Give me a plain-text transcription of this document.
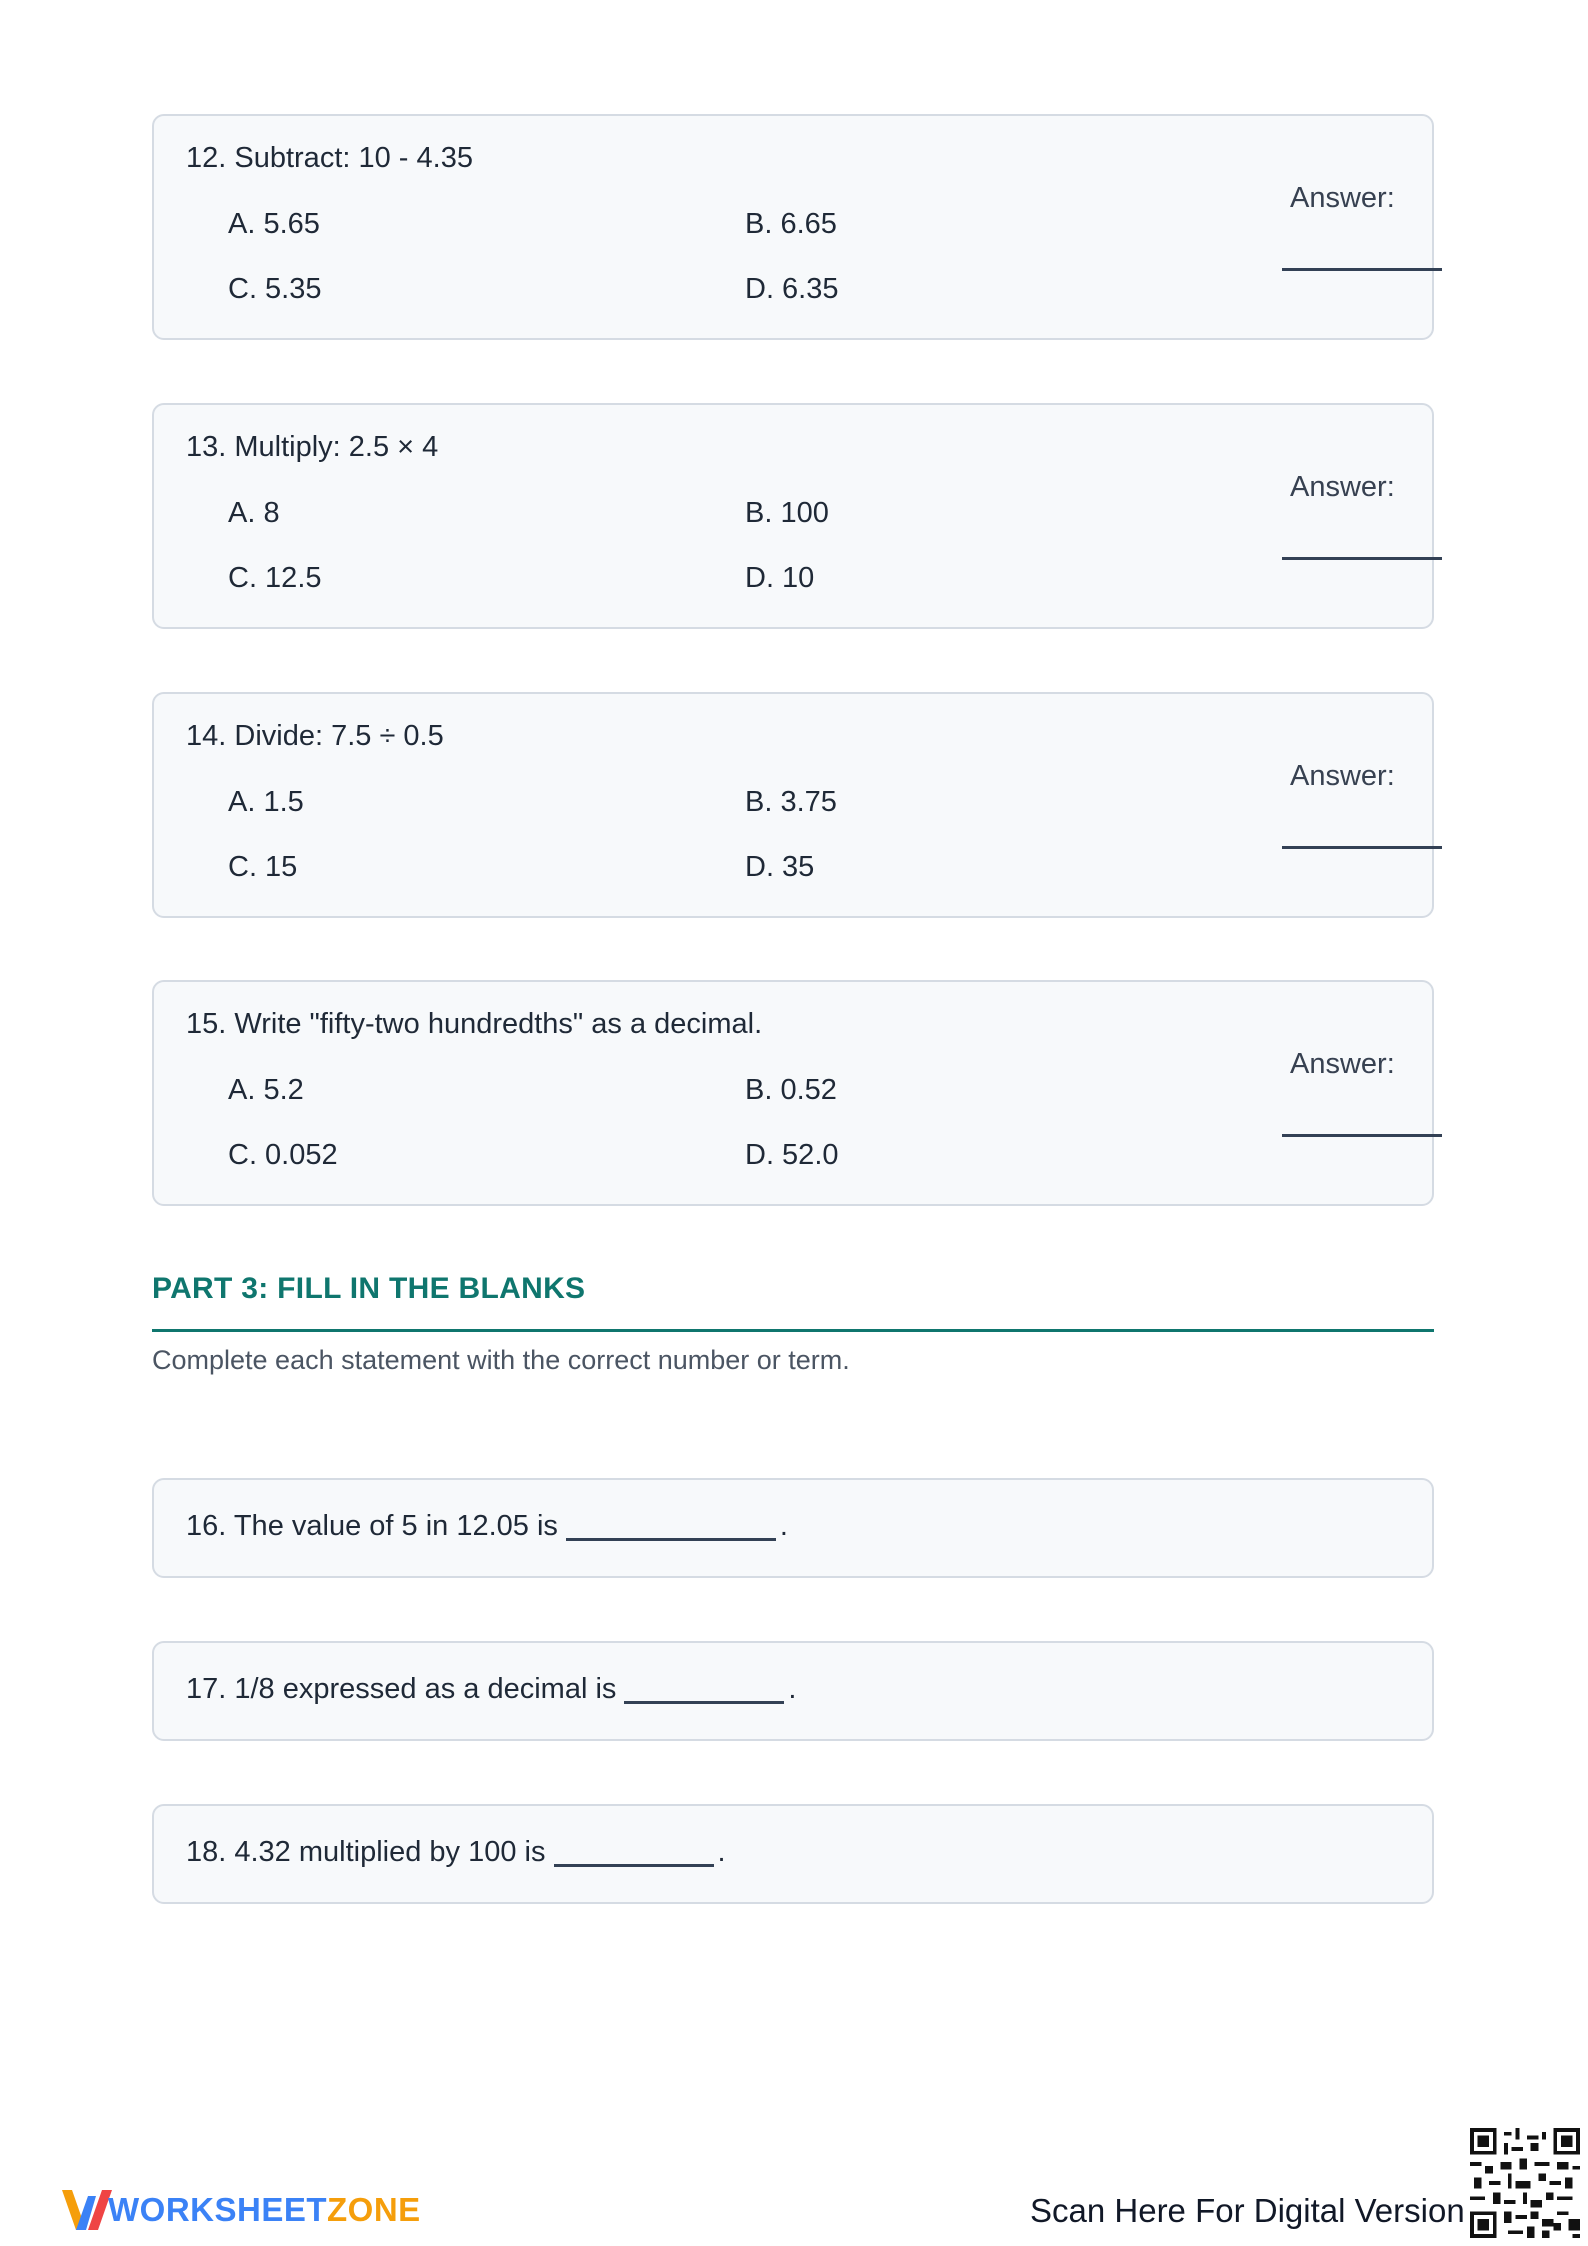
12. Subtract: 10 - 4.35
A. 5.65	B. 6.65
C. 5.35	D. 6.35
Answer:
13. Multiply: 2.5 × 4
A. 8	B. 100
C. 12.5	D. 10
Answer:
14. Divide: 7.5 ÷ 0.5
A. 1.5	B. 3.75
C. 15	D. 35
Answer:
15. Write "fifty-two hundredths" as a decimal.
A. 5.2	B. 0.52
C. 0.052	D. 52.0
Answer:
PART 3: FILL IN THE BLANKS
Complete each statement with the correct number or term.
16. The value of 5 in 12.05 is	.
17. 1/8 expressed as a decimal is	.
18. 4.32 multiplied by 100 is	.
WORKSHEETZONE	Scan Here For Digital Version
